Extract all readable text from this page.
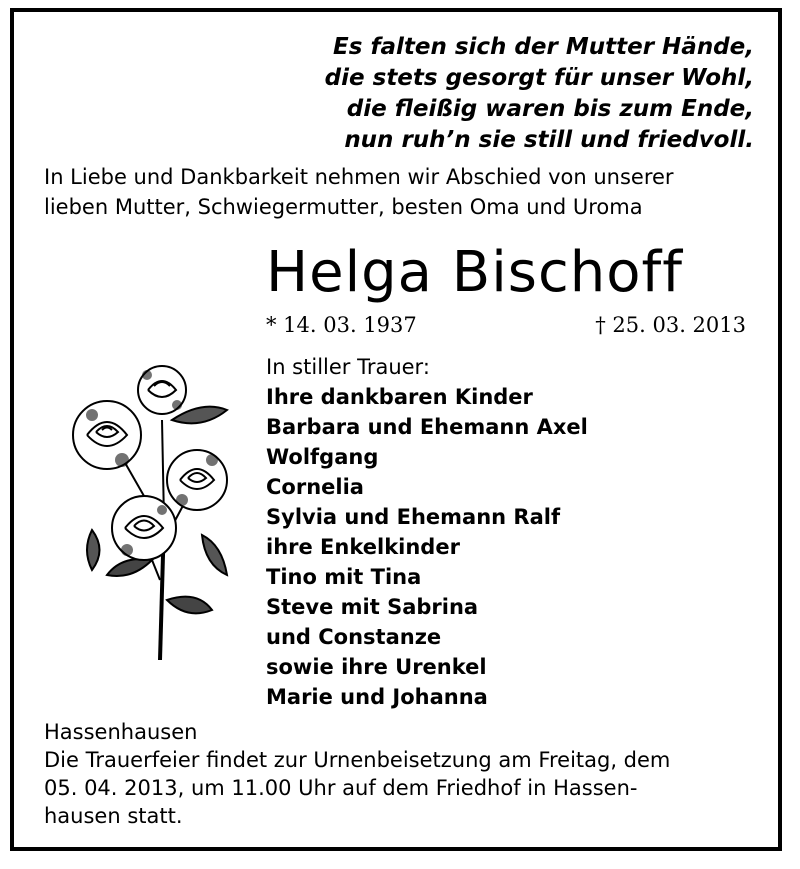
Es falten sich der Mutter Hände,
die stets gesorgt für unser Wohl,
die fleißig waren bis zum Ende,
nun ruh’n sie still und friedvoll.
In Liebe und Dankbarkeit nehmen wir Abschied von unserer
lieben Mutter, Schwiegermutter, besten Oma und Uroma
Helga Bischoff
* 14. 03. 1937	† 25. 03. 2013
In stiller Trauer:
Ihre dankbaren Kinder
Barbara und Ehemann Axel
Wolfgang
Cornelia
Sylvia und Ehemann Ralf
ihre Enkelkinder
Tino mit Tina
Steve mit Sabrina
und Constanze
sowie ihre Urenkel
Marie und Johanna
Hassenhausen
Die Trauerfeier findet zur Urnenbeisetzung am Freitag, dem
05. 04. 2013, um 11.00 Uhr auf dem Friedhof in Hassen-
hausen statt.
